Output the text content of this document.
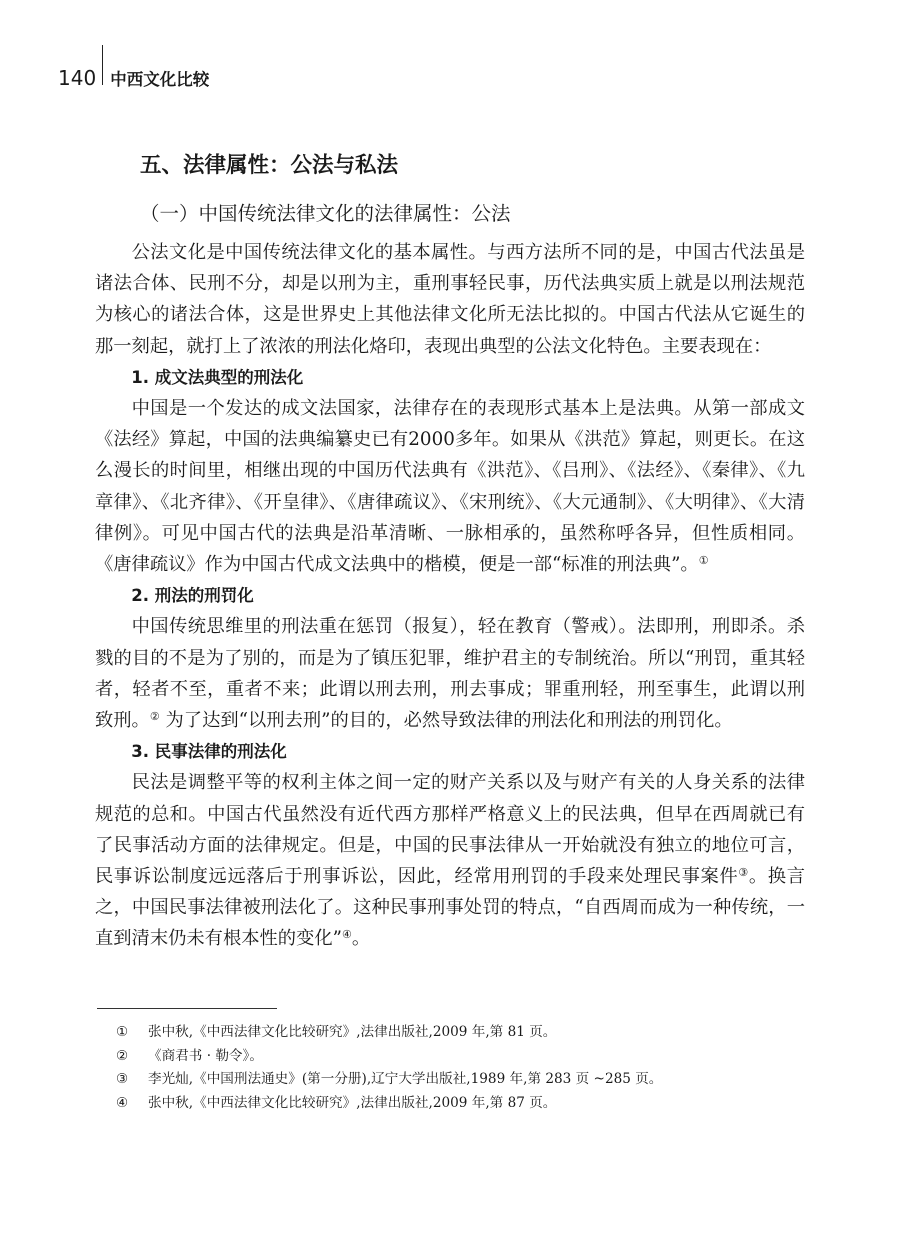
140 中西文化比较
五、法律属性：公法与私法
（一）中国传统法律文化的法律属性：公法

公法文化是中国传统法律文化的基本属性。与西方法所不同的是，中国古代法虽是诸法合体、民刑不分，却是以刑为主，重刑事轻民事，历代法典实质上就是以刑法规范为核心的诸法合体，这是世界史上其他法律文化所无法比拟的。中国古代法从它诞生的那一刻起，就打上了浓浓的刑法化烙印，表现出典型的公法文化特色。主要表现在：

1. 成文法典型的刑法化

中国是一个发达的成文法国家，法律存在的表现形式基本上是法典。从第一部成文《法经》算起，中国的法典编纂史已有2000多年。如果从《洪范》算起，则更长。在这么漫长的时间里，相继出现的中国历代法典有《洪范》、《吕刑》、《法经》、《秦律》、《九章律》、《北齐律》、《开皇律》、《唐律疏议》、《宋刑统》、《大元通制》、《大明律》、《大清律例》。可见中国古代的法典是沿革清晰、一脉相承的，虽然称呼各异，但性质相同。《唐律疏议》作为中国古代成文法典中的楷模，便是一部“标准的刑法典”。①

2. 刑法的刑罚化

中国传统思维里的刑法重在惩罚（报复），轻在教育（警戒）。法即刑，刑即杀。杀戮的目的不是为了别的，而是为了镇压犯罪，维护君主的专制统治。所以“刑罚，重其轻者，轻者不至，重者不来；此谓以刑去刑，刑去事成；罪重刑轻，刑至事生，此谓以刑致刑。② 为了达到“以刑去刑”的目的，必然导致法律的刑法化和刑法的刑罚化。

3. 民事法律的刑法化

民法是调整平等的权利主体之间一定的财产关系以及与财产有关的人身关系的法律规范的总和。中国古代虽然没有近代西方那样严格意义上的民法典，但早在西周就已有了民事活动方面的法律规定。但是，中国的民事法律从一开始就没有独立的地位可言，民事诉讼制度远远落后于刑事诉讼，因此，经常用刑罚的手段来处理民事案件③。换言之，中国民事法律被刑法化了。这种民事刑事处罚的特点，“自西周而成为一种传统，一直到清末仍未有根本性的变化”④。

①	张中秋,《中西法律文化比较研究》,法律出版社,2009 年,第 81 页。
②	《商君书 · 勒令》。
③	李光灿,《中国刑法通史》(第一分册),辽宁大学出版社,1989 年,第 283 页 ~285 页。
④	张中秋,《中西法律文化比较研究》,法律出版社,2009 年,第 87 页。
